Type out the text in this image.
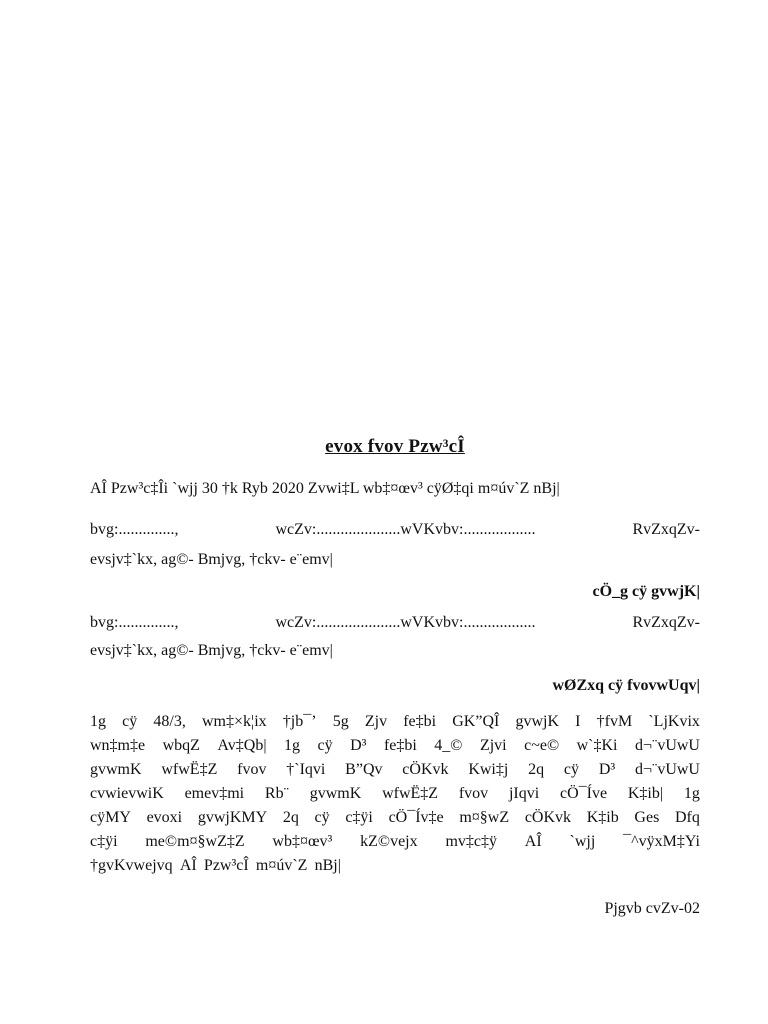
evox fvov Pzw³cÎ
AÎ Pzw³c‡Îi `wjj 30 †k Ryb 2020 Zvwi‡L wb‡¤œv³ cÿØ‡qi m¤úv`Z nBj|
bvg:..............,	wcZv:.....................wVKvbv:..................	RvZxqZv-
evsjv‡`kx, ag©- Bmjvg, †ckv- e¨emv|
cÖ_g cÿ gvwjK|
bvg:..............,	wcZv:.....................wVKvbv:..................	RvZxqZv-
evsjv‡`kx, ag©- Bmjvg, †ckv- e¨emv|
wØZxq cÿ fvovwUqv|
1g cÿ 48/3, wm‡×k¦ix †jb¯’ 5g Zjv fe‡bi GK”QÎ gvwjK I †fvM `LjKvix
wn‡m‡e wbqZ Av‡Qb| 1g cÿ D³ fe‡bi 4_© Zjvi c~e© w`‡Ki d¬¨vUwU
gvwmK wfwË‡Z fvov †`Iqvi B”Qv cÖKvk Kwi‡j 2q cÿ D³ d¬¨vUwU
cvwievwiK emev‡mi Rb¨ gvwmK wfwË‡Z fvov jIqvi cÖ¯Íve K‡ib| 1g
cÿMY evoxi gvwjKMY 2q cÿ c‡ÿi cÖ¯Ív‡e m¤§wZ cÖKvk K‡ib Ges Dfq
c‡ÿi me©m¤§wZ‡Z wb‡¤œv³ kZ©vejx mv‡c‡ÿ AÎ `wjj ¯^vÿxM‡Yi
†gvKvwejvq AÎ Pzw³cÎ m¤úv`Z nBj|
Pjgvb cvZv-02
